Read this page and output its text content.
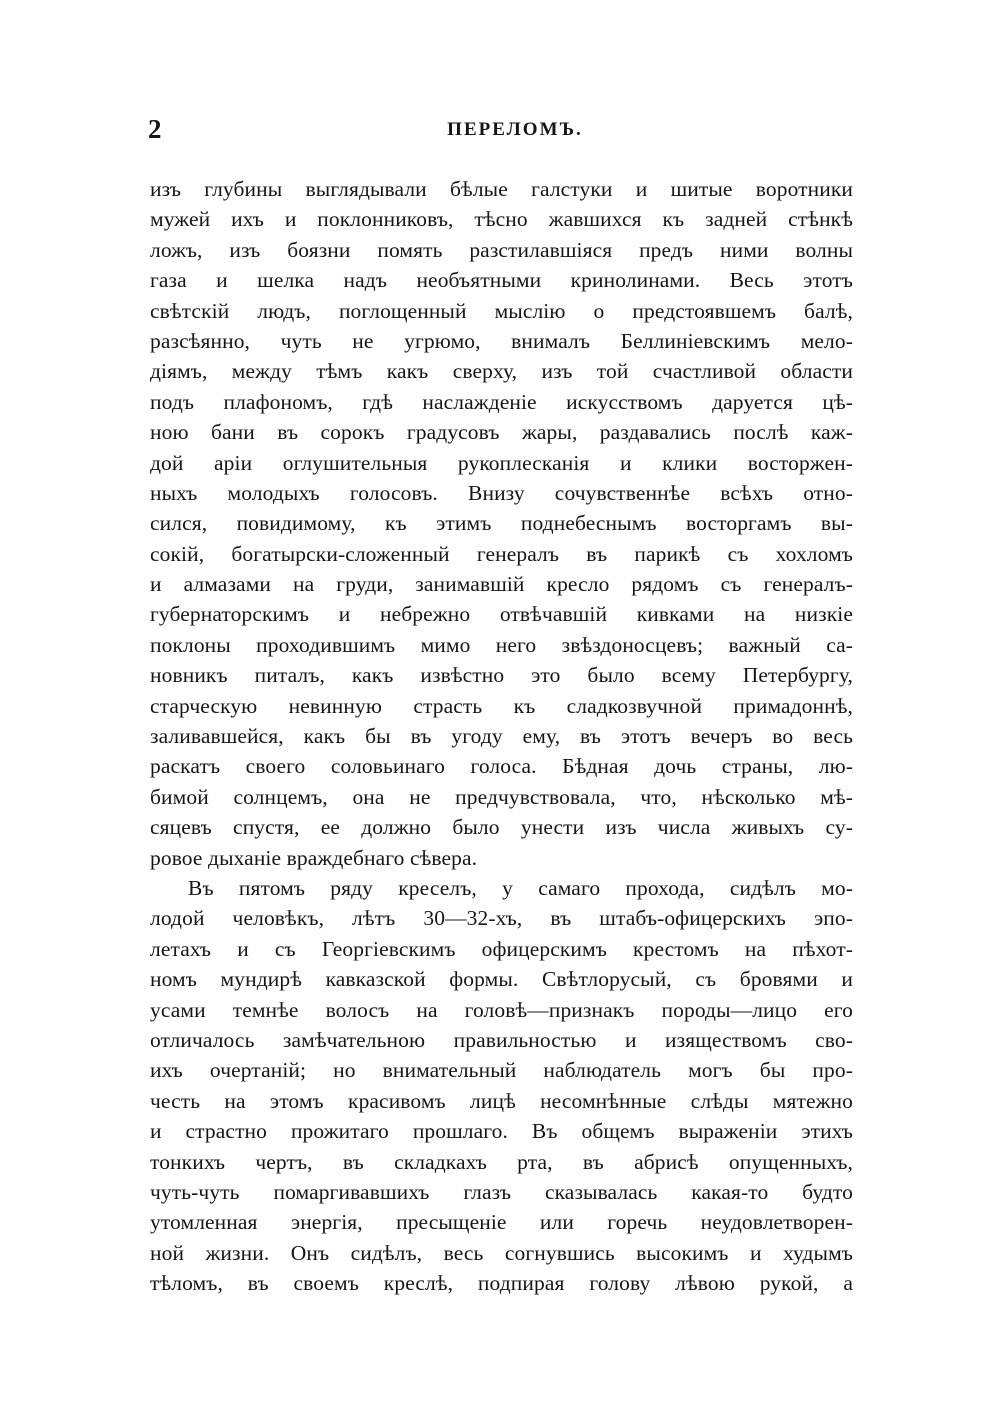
2	ПЕРЕЛОМЪ.
изъ глубины выглядывали бѣлые галстуки и шитые воротники
мужей ихъ и поклонниковъ, тѣсно жавшихся къ задней стѣнкѣ
ложъ, изъ боязни помять разстилавшіяся предъ ними волны
газа и шелка надъ необъятными кринолинами. Весь этотъ
свѣтскій людъ, поглощенный мыслію о предстоявшемъ балѣ,
разсѣянно, чуть не угрюмо, внималъ Беллиніевскимъ мело-
діямъ, между тѣмъ какъ сверху, изъ той счастливой области
подъ плафономъ, гдѣ наслажденіе искусствомъ даруется цѣ-
ною бани въ сорокъ градусовъ жары, раздавались послѣ каж-
дой аріи оглушительныя рукоплесканія и клики восторжен-
ныхъ молодыхъ голосовъ. Внизу сочувственнѣе всѣхъ отно-
сился, повидимому, къ этимъ поднебеснымъ восторгамъ вы-
сокій, богатырски-сложенный генералъ въ парикѣ съ хохломъ
и алмазами на груди, занимавшій кресло рядомъ съ генералъ-
губернаторскимъ и небрежно отвѣчавшій кивками на низкіе
поклоны проходившимъ мимо него звѣздоносцевъ; важный са-
новникъ питалъ, какъ извѣстно это было всему Петербургу,
старческую невинную страсть къ сладкозвучной примадоннѣ,
заливавшейся, какъ бы въ угоду ему, въ этотъ вечеръ во весь
раскатъ своего соловьинаго голоса. Бѣдная дочь страны, лю-
бимой солнцемъ, она не предчувствовала, что, нѣсколько мѣ-
сяцевъ спустя, ее должно было унести изъ числа живыхъ су-
ровое дыханіе враждебнаго сѣвера.
Въ пятомъ ряду креселъ, у самаго прохода, сидѣлъ мо-
лодой человѣкъ, лѣтъ 30—32-хъ, въ штабъ-офицерскихъ эпо-
летахъ и съ Георгіевскимъ офицерскимъ крестомъ на пѣхот-
номъ мундирѣ кавказской формы. Свѣтлорусый, съ бровями и
усами темнѣе волосъ на головѣ—признакъ породы—лицо его
отличалось замѣчательною правильностью и изяществомъ сво-
ихъ очертаній; но внимательный наблюдатель могъ бы про-
честь на этомъ красивомъ лицѣ несомнѣнные слѣды мятежно
и страстно прожитаго прошлаго. Въ общемъ выраженіи этихъ
тонкихъ чертъ, въ складкахъ рта, въ абрисѣ опущенныхъ,
чуть-чуть помаргивавшихъ глазъ сказывалась какая-то будто
утомленная энергія, пресыщеніе или горечь неудовлетворен-
ной жизни. Онъ сидѣлъ, весь согнувшись высокимъ и худымъ
тѣломъ, въ своемъ креслѣ, подпирая голову лѣвою рукой, а
